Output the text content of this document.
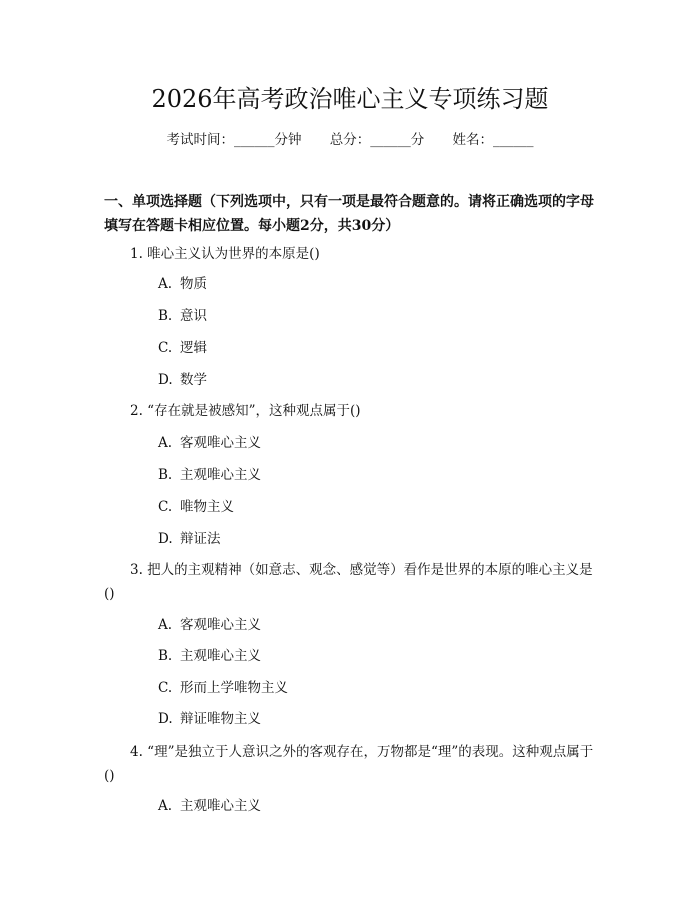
2026年高考政治唯心主义专项练习题
考试时间：______分钟 总分：______分 姓名：______
一、单项选择题（下列选项中，只有一项是最符合题意的。请将正确选项的字母填写在答题卡相应位置。每小题2分，共30分）
1. 唯心主义认为世界的本原是()
A. 物质
B. 意识
C. 逻辑
D. 数学
2. “存在就是被感知”，这种观点属于()
A. 客观唯心主义
B. 主观唯心主义
C. 唯物主义
D. 辩证法
3. 把人的主观精神（如意志、观念、感觉等）看作是世界的本原的唯心主义是()
A. 客观唯心主义
B. 主观唯心主义
C. 形而上学唯物主义
D. 辩证唯物主义
4. “理”是独立于人意识之外的客观存在，万物都是“理”的表现。这种观点属于()
A. 主观唯心主义
